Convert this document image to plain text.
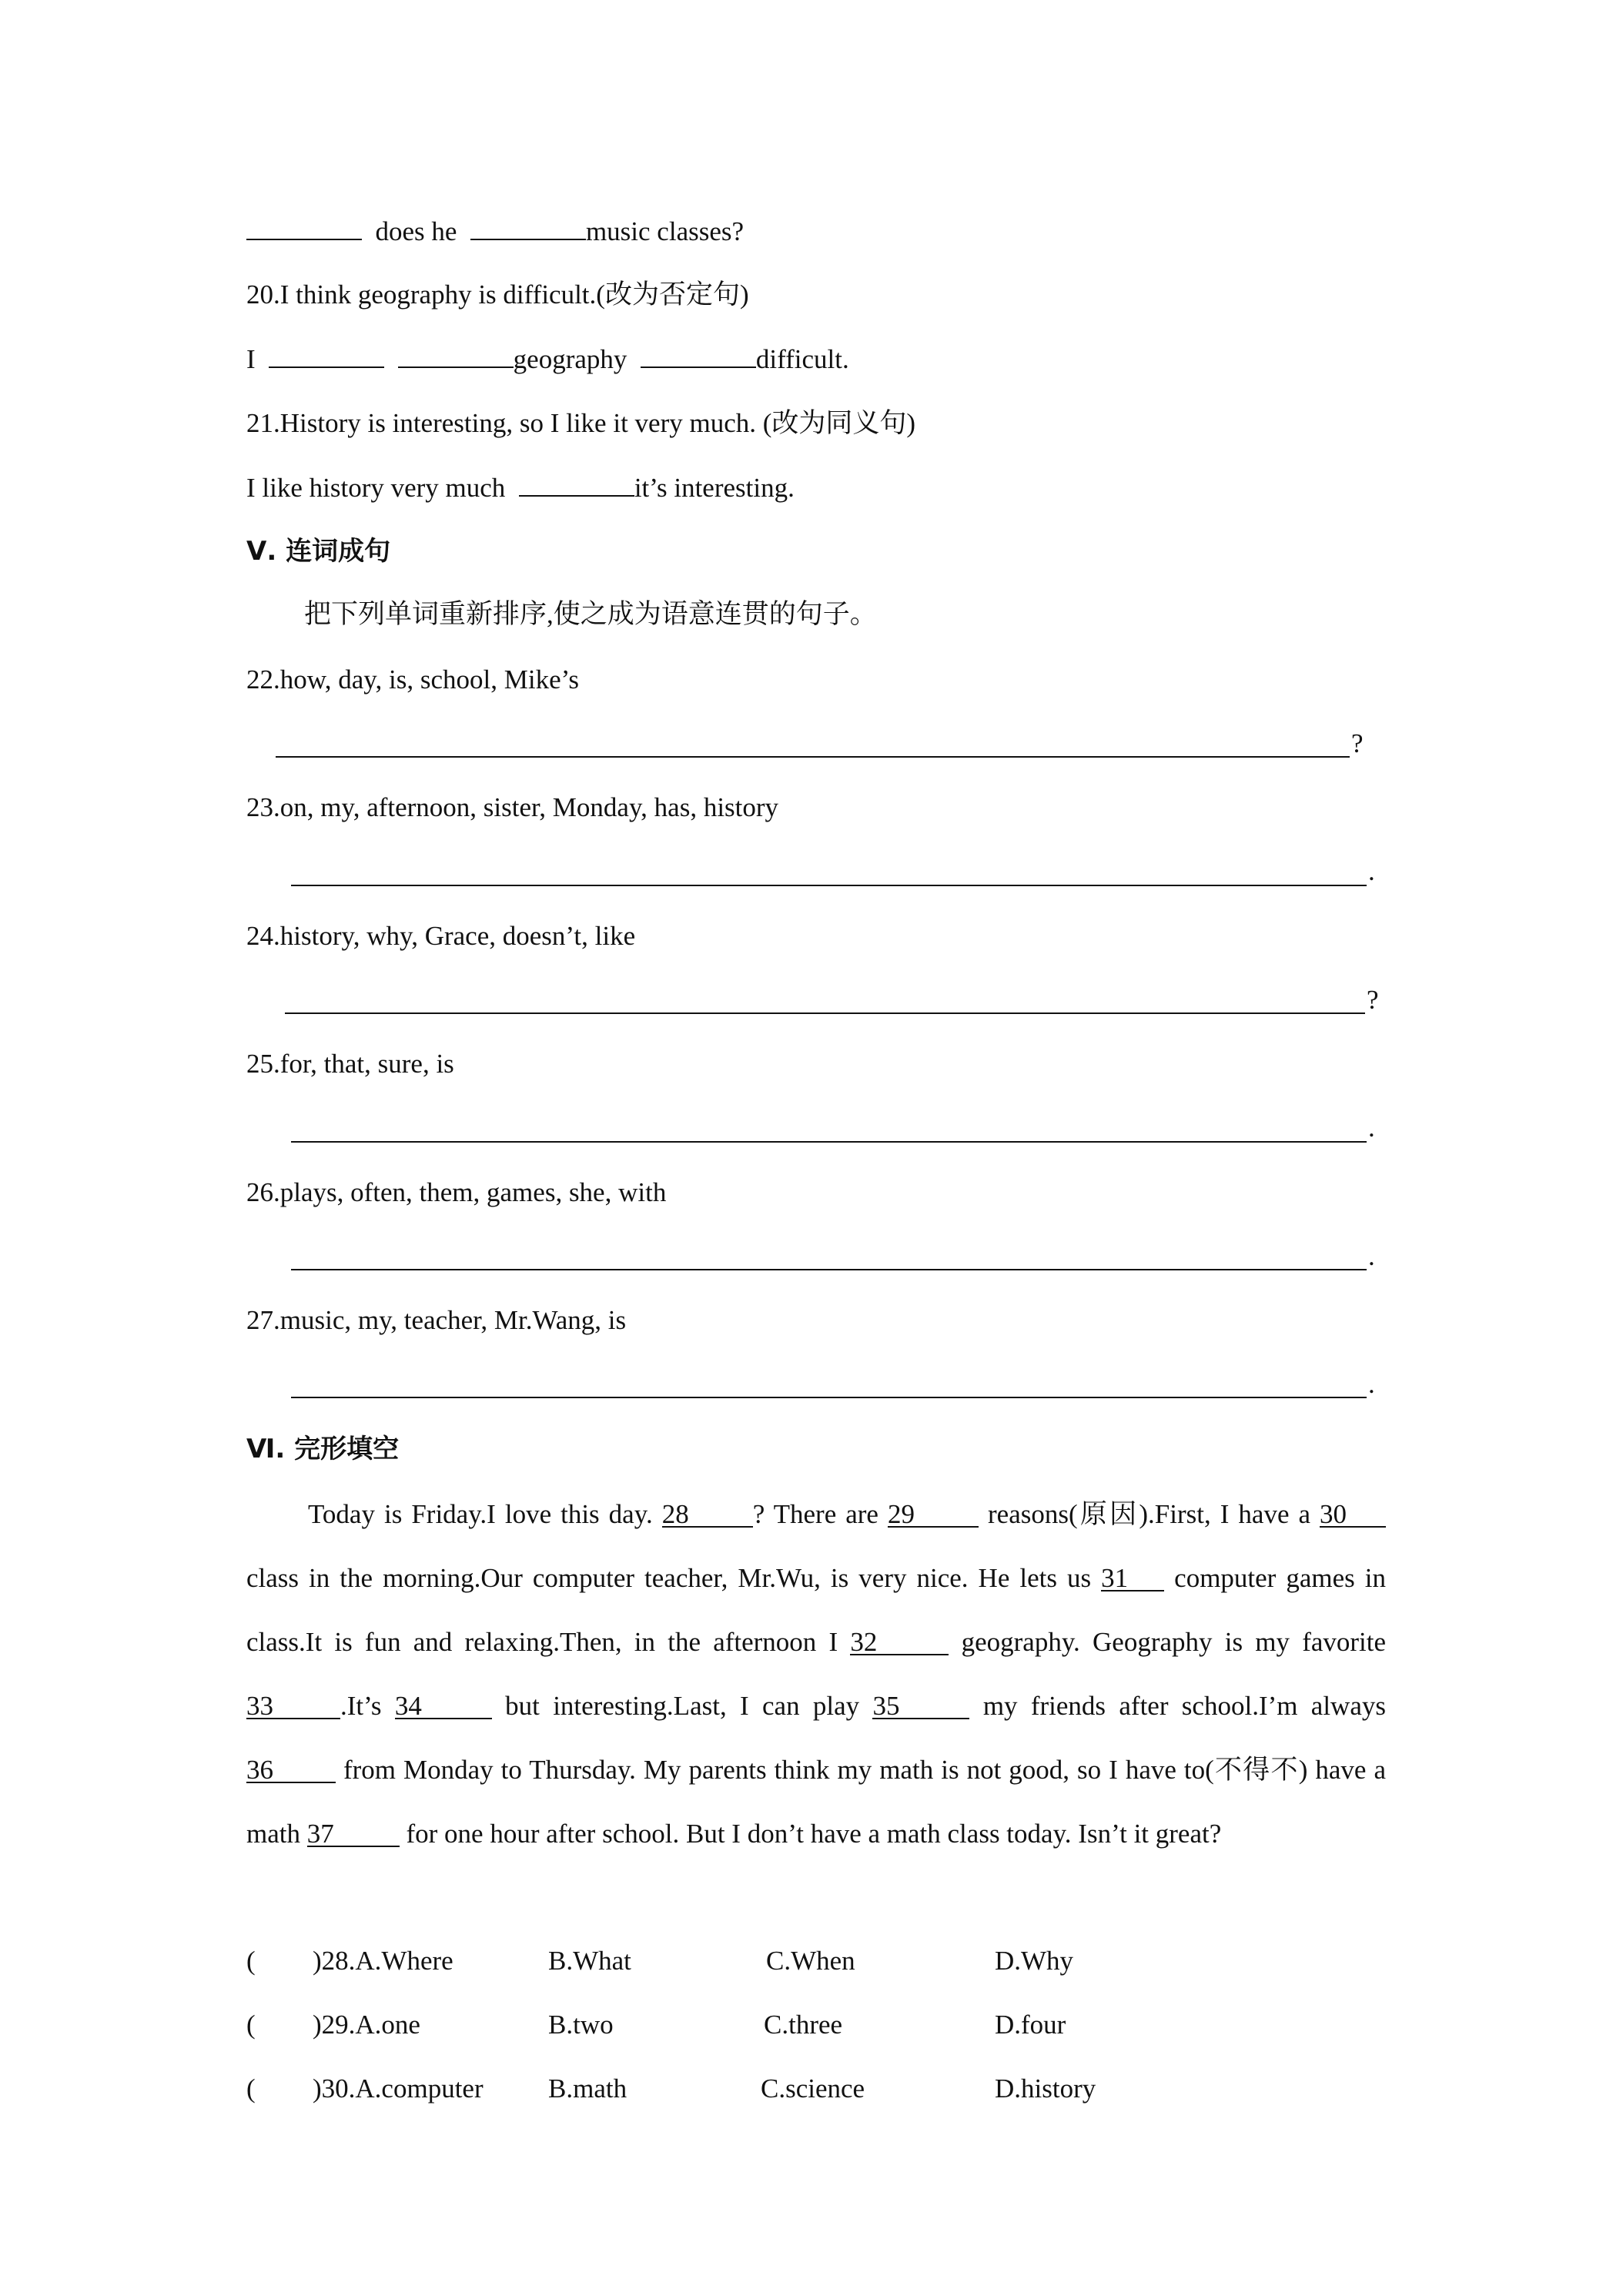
does he	music classes?
20.I think geography is difficult.(改为否定句)
I	geography	difficult.
21.History is interesting, so I like it very much. (改为同义句)
I like history very much	it’s interesting.
Ⅴ. 连词成句
把下列单词重新排序,使之成为语意连贯的句子。
22.how, day, is, school, Mike’s
?
23.on, my, afternoon, sister, Monday, has, history
.
24.history, why, Grace, doesn’t, like
?
25.for, that, sure, is
.
26.plays, often, them, games, she, with
.
27.music, my, teacher, Mr.Wang, is
.
Ⅵ. 完形填空
Today is Friday.I love this day. 28 ? There are 29	reasons(原因).First, I have a 30 class in the morning.Our computer teacher, Mr.Wu, is very nice. He lets us 31 computer games in class.It is fun and relaxing.Then, in the afternoon I 32	geography. Geography is my favorite 33 .It’s 34	but interesting.Last, I can play 35	my friends after school.I’m always 36	from Monday to Thursday. My parents think my math is not good, so I have to(不得不) have a math 37	for one hour after school. But I don’t have a math class today. Isn’t it great?
( )28.A.Where	B.What	C.When	D.Why
( )29.A.one	B.two	C.three	D.four
( )30.A.computer B.math	C.science	D.history
